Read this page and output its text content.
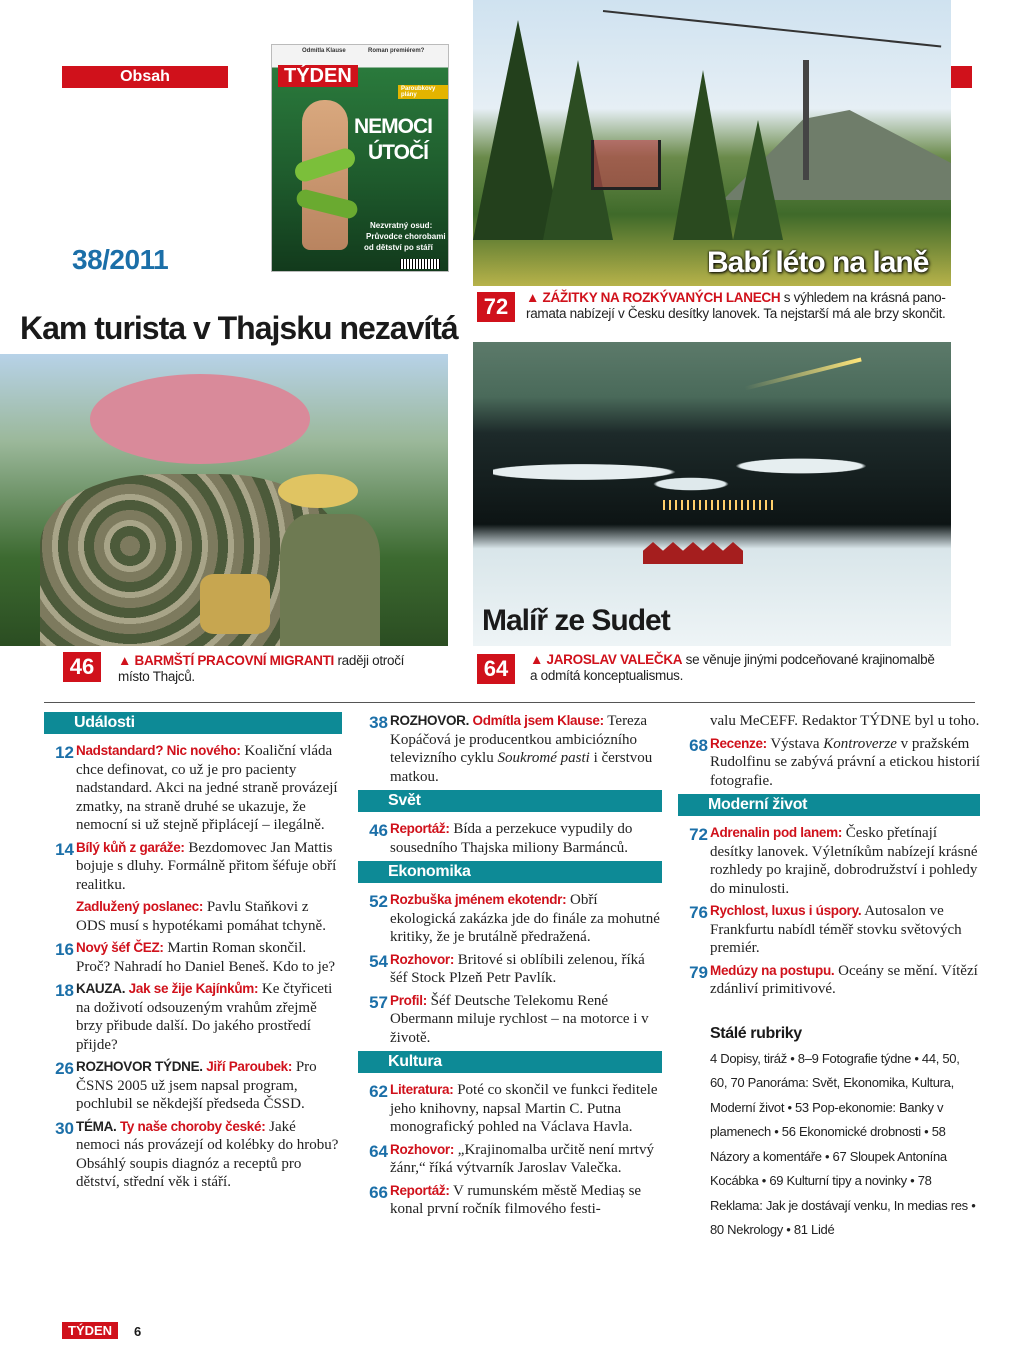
Obsah
Odmítla Klause	Roman premiérem?
TÝDEN
Paroubkovy plány
NEMOCI
ÚTOČÍ
Nezvratný osud:
Průvodce chorobami
od dětství po stáří
38/2011	Babí léto na laně
72	▲ ZÁŽITKY NA ROZKÝVANÝCH LANECH s výhledem na krásná pano-
ramata nabízejí v Česku desítky lanovek. Ta nejstarší má ale brzy skončit.
Kam turista v Thajsku nezavítá
46	▲ BARMŠTÍ PRACOVNÍ MIGRANTI raději otročí
místo Thajců.
Malíř ze Sudet
64	▲ JAROSLAV VALEČKA se věnuje jinými podceňované krajinomalbě
a odmítá konceptualismus.
Události
12 Nadstandard? Nic nového: Koaliční vláda chce definovat, co už je pro pacienty nadstandard. Akci na jedné straně provázejí zmatky, na straně druhé se ukazuje, že nemocní si už stejně připlácejí – ilegálně.
14 Bílý kůň z garáže: Bezdomovec Jan Mattis bojuje s dluhy. Formálně přitom šéfuje obří realitku.
Zadlužený poslanec: Pavlu Staňkovi z ODS musí s hypotékami pomáhat tchyně.
16 Nový šéf ČEZ: Martin Roman skončil. Proč? Nahradí ho Daniel Beneš. Kdo to je?
18 KAUZA. Jak se žije Kajínkům: Ke čtyřiceti na doživotí odsouzeným vrahům zřejmě brzy přibude další. Do jakého prostředí přijde?
26 ROZHOVOR TÝDNE. Jiří Paroubek: Pro ČSNS 2005 už jsem napsal program, pochlubil se někdejší předseda ČSSD.
30 TÉMA. Ty naše choroby české: Jaké nemoci nás provázejí od kolébky do hrobu? Obsáhlý soupis diagnóz a receptů pro dětství, střední věk i stáří.
38 ROZHOVOR. Odmítla jsem Klause: Tereza Kopáčová je producentkou ambiciózního televizního cyklu Soukromé pasti i čerstvou matkou.
Svět
46 Reportáž: Bída a perzekuce vypudily do sousedního Thajska miliony Barmánců.
Ekonomika
52 Rozbuška jménem ekotendr: Obří ekologická zakázka jde do finále za mohutné kritiky, že je brutálně předražená.
54 Rozhovor: Britové si oblíbili zelenou, říká šéf Stock Plzeň Petr Pavlík.
57 Profil: Šéf Deutsche Telekomu René Obermann miluje rychlost – na motorce i v životě.
Kultura
62 Literatura: Poté co skončil ve funkci ředitele jeho knihovny, napsal Martin C. Putna monografický pohled na Václava Havla.
64 Rozhovor: „Krajinomalba určitě není mrtvý žánr,“ říká výtvarník Jaroslav Valečka.
66 Reportáž: V rumunském městě Mediaș se konal první ročník filmového festi-
valu MeCEFF. Redaktor TÝDNE byl u toho.
68 Recenze: Výstava Kontroverze v pražském Rudolfinu se zabývá právní a etickou historií fotografie.
Moderní život
72 Adrenalin pod lanem: Česko přetínají desítky lanovek. Výletníkům nabízejí krásné rozhledy po krajině, dobrodružství i pohledy do minulosti.
76 Rychlost, luxus i úspory. Autosalon ve Frankfurtu nabídl téměř stovku světových premiér.
79 Medúzy na postupu. Oceány se mění. Vítězí zdánliví primitivové.
Stálé rubriky
4 Dopisy, tiráž • 8–9 Fotografie týdne • 44, 50, 60, 70 Panoráma: Svět, Ekonomika, Kultura, Moderní život • 53 Pop-ekonomie: Banky v plamenech • 56 Ekonomické drobnosti • 58 Názory a komentáře • 67 Sloupek Antonína Kocábka • 69 Kulturní tipy a novinky • 78 Reklama: Jak je dostávají venku, In medias res • 80 Nekrology • 81 Lidé
TÝDEN	6
